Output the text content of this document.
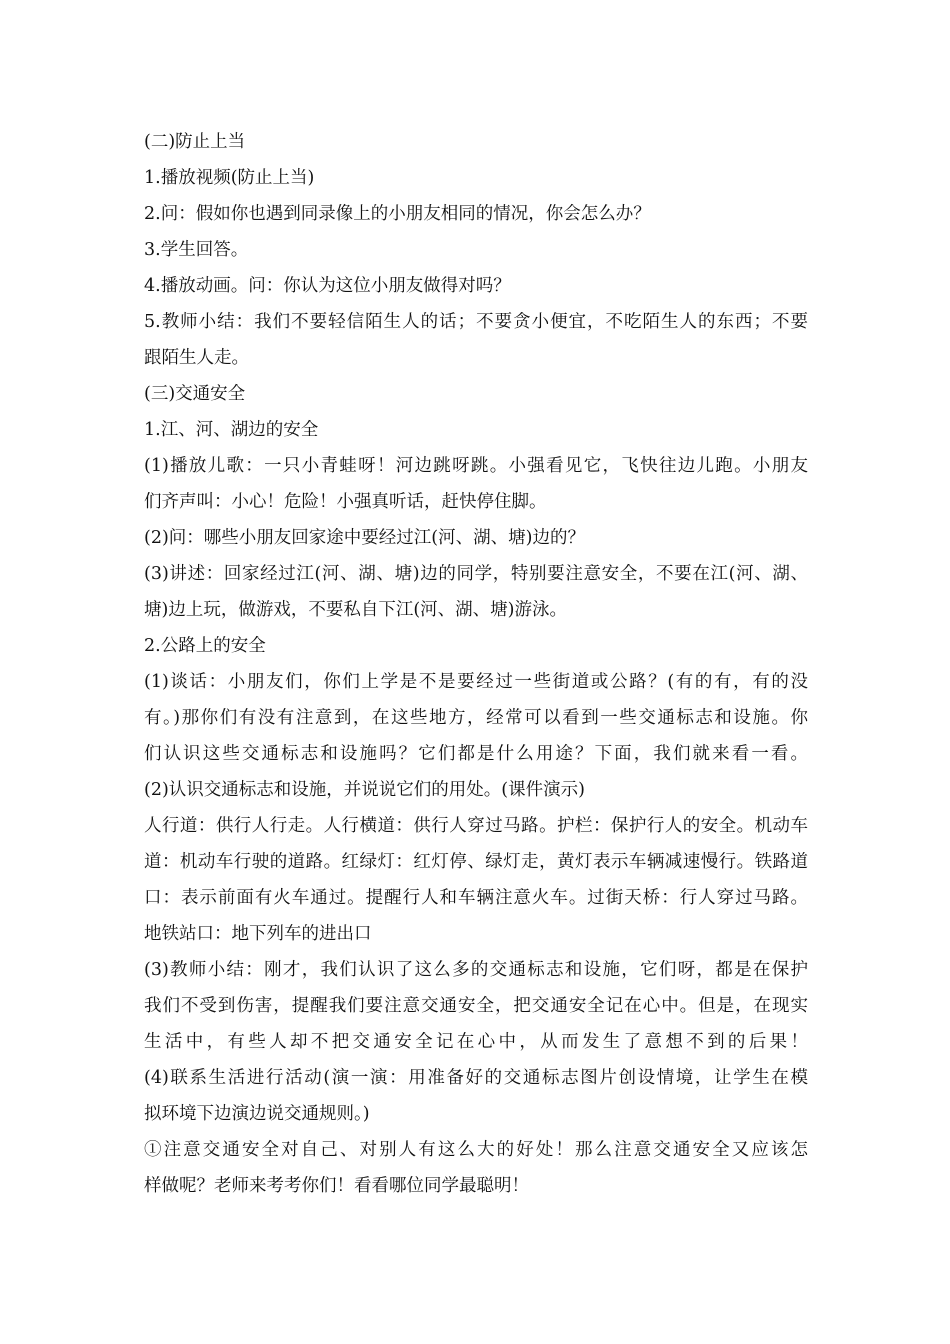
(二)防止上当
1.播放视频(防止上当)
2.问：假如你也遇到同录像上的小朋友相同的情况，你会怎么办？
3.学生回答。
4.播放动画。问：你认为这位小朋友做得对吗？
5.教师小结：我们不要轻信陌生人的话；不要贪小便宜，不吃陌生人的东西；不要
跟陌生人走。
(三)交通安全
1.江、河、湖边的安全
(1)播放儿歌：一只小青蛙呀！河边跳呀跳。小强看见它，飞快往边儿跑。小朋友
们齐声叫：小心！危险！小强真听话，赶快停住脚。
(2)问：哪些小朋友回家途中要经过江(河、湖、塘)边的？
(3)讲述：回家经过江(河、湖、塘)边的同学，特别要注意安全，不要在江(河、湖、
塘)边上玩，做游戏，不要私自下江(河、湖、塘)游泳。
2.公路上的安全
(1)谈话：小朋友们，你们上学是不是要经过一些街道或公路？(有的有，有的没
有。)那你们有没有注意到，在这些地方，经常可以看到一些交通标志和设施。你
们认识这些交通标志和设施吗？它们都是什么用途？下面，我们就来看一看。
(2)认识交通标志和设施，并说说它们的用处。(课件演示)
人行道：供行人行走。人行横道：供行人穿过马路。护栏：保护行人的安全。机动车
道：机动车行驶的道路。红绿灯：红灯停、绿灯走，黄灯表示车辆减速慢行。铁路道
口：表示前面有火车通过。提醒行人和车辆注意火车。过街天桥：行人穿过马路。
地铁站口：地下列车的进出口
(3)教师小结：刚才，我们认识了这么多的交通标志和设施，它们呀，都是在保护
我们不受到伤害，提醒我们要注意交通安全，把交通安全记在心中。但是，在现实
生活中，有些人却不把交通安全记在心中，从而发生了意想不到的后果！
(4)联系生活进行活动(演一演：用准备好的交通标志图片创设情境，让学生在模
拟环境下边演边说交通规则。)
①注意交通安全对自己、对别人有这么大的好处！那么注意交通安全又应该怎
样做呢？老师来考考你们！看看哪位同学最聪明！
